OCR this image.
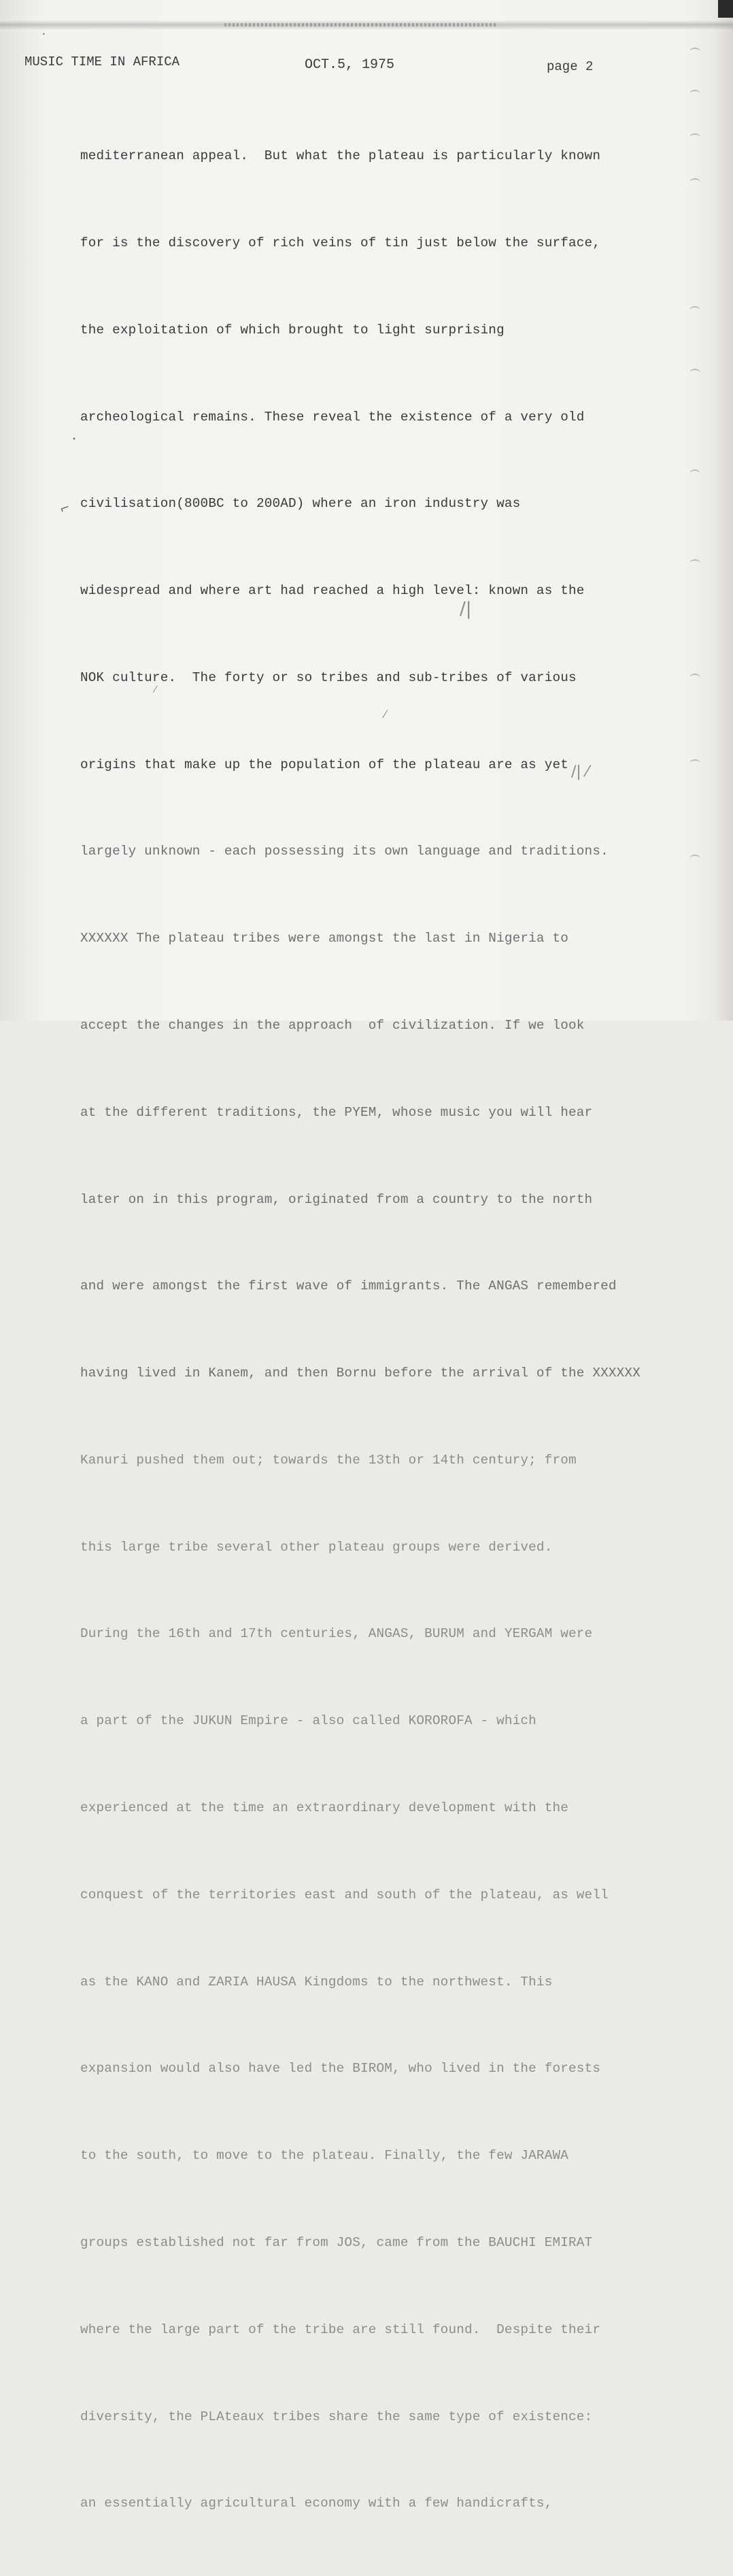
⌐
•
•
/|
/| ⁄
⁄
⁄
MUSIC TIME IN AFRICA	OCT.5, 1975	page 2

mediterranean appeal.  But what the plateau is particularly known

for is the discovery of rich veins of tin just below the surface,

the exploitation of which brought to light surprising

archeological remains. These reveal the existence of a very old

civilisation(800BC to 200AD) where an iron industry was

widespread and where art had reached a high level: known as the

NOK culture.  The forty or so tribes and sub-tribes of various

origins that make up the population of the plateau are as yet

largely unknown - each possessing its own language and traditions.

XXXXXX The plateau tribes were amongst the last in Nigeria to

accept the changes in the approach  of civilization. If we look

at the different traditions, the PYEM, whose music you will hear

later on in this program, originated from a country to the north

and were amongst the first wave of immigrants. The ANGAS remembered

having lived in Kanem, and then Bornu before the arrival of the XXXXXX

Kanuri pushed them out; towards the 13th or 14th century; from

this large tribe several other plateau groups were derived.

During the 16th and 17th centuries, ANGAS, BURUM and YERGAM were

a part of the JUKUN Empire - also called KOROROFA - which

experienced at the time an extraordinary development with the

conquest of the territories east and south of the plateau, as well

as the KANO and ZARIA HAUSA Kingdoms to the northwest. This

expansion would also have led the BIROM, who lived in the forests

to the south, to move to the plateau. Finally, the few JARAWA

groups established not far from JOS, came from the BAUCHI EMIRAT

where the large part of the tribe are still found.  Despite their

diversity, the PLAteaux tribes share the same type of existence:

an essentially agricultural economy with a few handicrafts,
